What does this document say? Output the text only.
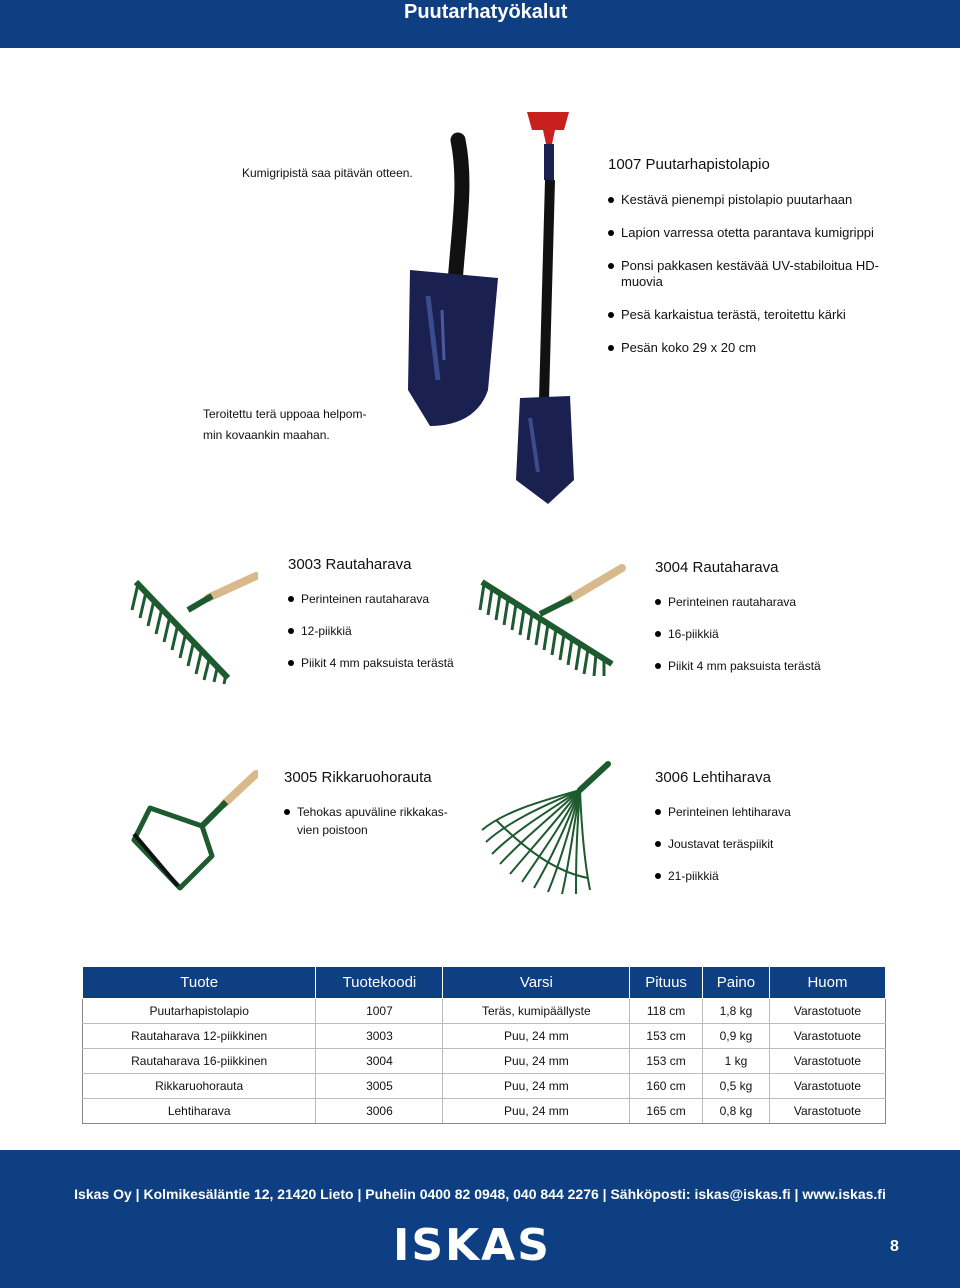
Puutarhatyökalut
Kumigripistä saa pitävän otteen.
Teroitettu terä uppoaa helpom-
min kovaankin maahan.
1007 Puutarhapistolapio
Kestävä pienempi pistolapio puutarhaan
Lapion varressa otetta parantava kumigrippi
Ponsi pakkasen kestävää UV-stabiloitua HD-muovia
Pesä karkaistua terästä, teroitettu kärki
Pesän koko 29 x 20 cm
3003 Rautaharava
Perinteinen rautaharava
12-piikkiä
Piikit 4 mm paksuista terästä
3004 Rautaharava
Perinteinen rautaharava
16-piikkiä
Piikit 4 mm paksuista terästä
3005 Rikkaruohorauta
Tehokas apuväline rikkakas-vien poistoon
3006 Lehtiharava
Perinteinen lehtiharava
Joustavat teräspiikit
21-piikkiä
Tuote	Tuotekoodi	Varsi	Pituus	Paino	Huom
Puutarhapistolapio	1007	Teräs, kumipäällyste	118 cm	1,8 kg	Varastotuote
Rautaharava 12-piikkinen	3003	Puu, 24 mm	153 cm	0,9 kg	Varastotuote
Rautaharava 16-piikkinen	3004	Puu, 24 mm	153 cm	1 kg	Varastotuote
Rikkaruohorauta	3005	Puu, 24 mm	160 cm	0,5 kg	Varastotuote
Lehtiharava	3006	Puu, 24 mm	165 cm	0,8 kg	Varastotuote
Iskas Oy | Kolmikesäläntie 12, 21420 Lieto | Puhelin 0400 82 0948, 040 844 2276 | Sähköposti: iskas@iskas.fi | www.iskas.fi
ISKAS	8
